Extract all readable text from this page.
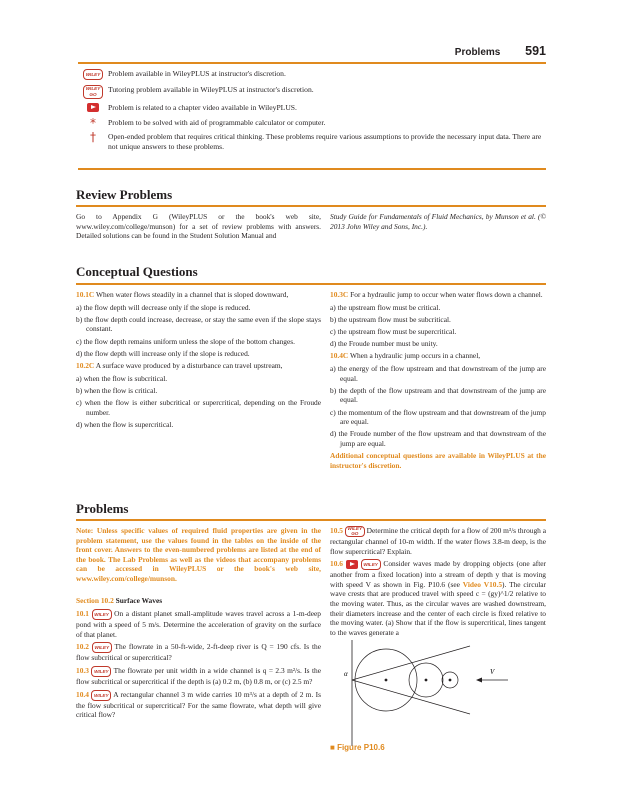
Problems 591
WILEY	Problem available in WileyPLUS at instructor's discretion.
WILEY GO
Tutoring problem available in WileyPLUS at instructor's discretion.
Problem is related to a chapter video available in WileyPLUS.
* Problem to be solved with aid of programmable calculator or computer.
† Open-ended problem that requires critical thinking. These problems require various assumptions to provide the necessary input data. There are not unique answers to these problems.
Review Problems
Go to Appendix G (WileyPLUS or the book's web site, www.wiley.com/college/munson) for a set of review problems with answers. Detailed solutions can be found in the Student Solution Manual and
Study Guide for Fundamentals of Fluid Mechanics, by Munson et al. (© 2013 John Wiley and Sons, Inc.).
Conceptual Questions
10.1C When water flows steadily in a channel that is sloped downward,
a) the flow depth will decrease only if the slope is reduced.
b) the flow depth could increase, decrease, or stay the same even if the slope stays constant.
c) the flow depth remains uniform unless the slope of the bottom changes.
d) the flow depth will increase only if the slope is reduced.
10.2C A surface wave produced by a disturbance can travel upstream,
a) when the flow is subcritical.
b) when the flow is critical.
c) when the flow is either subcritical or supercritical, depending on the Froude number.
d) when the flow is supercritical.
10.3C For a hydraulic jump to occur when water flows down a channel.
a) the upstream flow must be critical.
b) the upstream flow must be subcritical.
c) the upstream flow must be supercritical.
d) the Froude number must be unity.
10.4C When a hydraulic jump occurs in a channel,
a) the energy of the flow upstream and that downstream of the jump are equal.
b) the depth of the flow upstream and that downstream of the jump are equal.
c) the momentum of the flow upstream and that downstream of the jump are equal.
d) the Froude number of the flow upstream and that downstream of the jump are equal.
Additional conceptual questions are available in WileyPLUS at the instructor's discretion.
Problems
Note: Unless specific values of required fluid properties are given in the problem statement, use the values found in the tables on the inside of the front cover. Answers to the even-numbered problems are listed at the end of the book. The Lab Problems as well as the videos that accompany problems can be accessed in WileyPLUS or the book's web site, www.wiley.com/college/munson.
Section 10.2 Surface Waves
10.1 WILEY On a distant planet small-amplitude waves travel across a 1-m-deep pond with a speed of 5 m/s. Determine the acceleration of gravity on the surface of that planet.
10.2 WILEY The flowrate in a 50-ft-wide, 2-ft-deep river is Q = 190 cfs. Is the flow subcritical or supercritical?
10.3 WILEY The flowrate per unit width in a wide channel is q = 2.3 m²/s. Is the flow subcritical or supercritical if the depth is (a) 0.2 m, (b) 0.8 m, or (c) 2.5 m?
10.4 WILEY A rectangular channel 3 m wide carries 10 m³/s at a depth of 2 m. Is the flow subcritical or supercritical? For the same flowrate, what depth will give critical flow?
10.5 WILEY GO Determine the critical depth for a flow of 200 m³/s through a rectangular channel of 10-m width. If the water flows 3.8-m deep, is the flow supercritical? Explain.
10.6	WILEY Consider waves made by dropping objects (one after another from a fixed location) into a stream of depth y that is moving with speed V as shown in Fig. P10.6 (see Video V10.5). The circular wave crests that are produced travel with speed c = (gy)^1/2 relative to the moving water. Thus, as the circular waves are washed downstream, their diameters increase and the center of each circle is fixed relative to the moving water. (a) Show that if the flow is supercritical, lines tangent to the waves generate a
α	V
■ Figure P10.6
